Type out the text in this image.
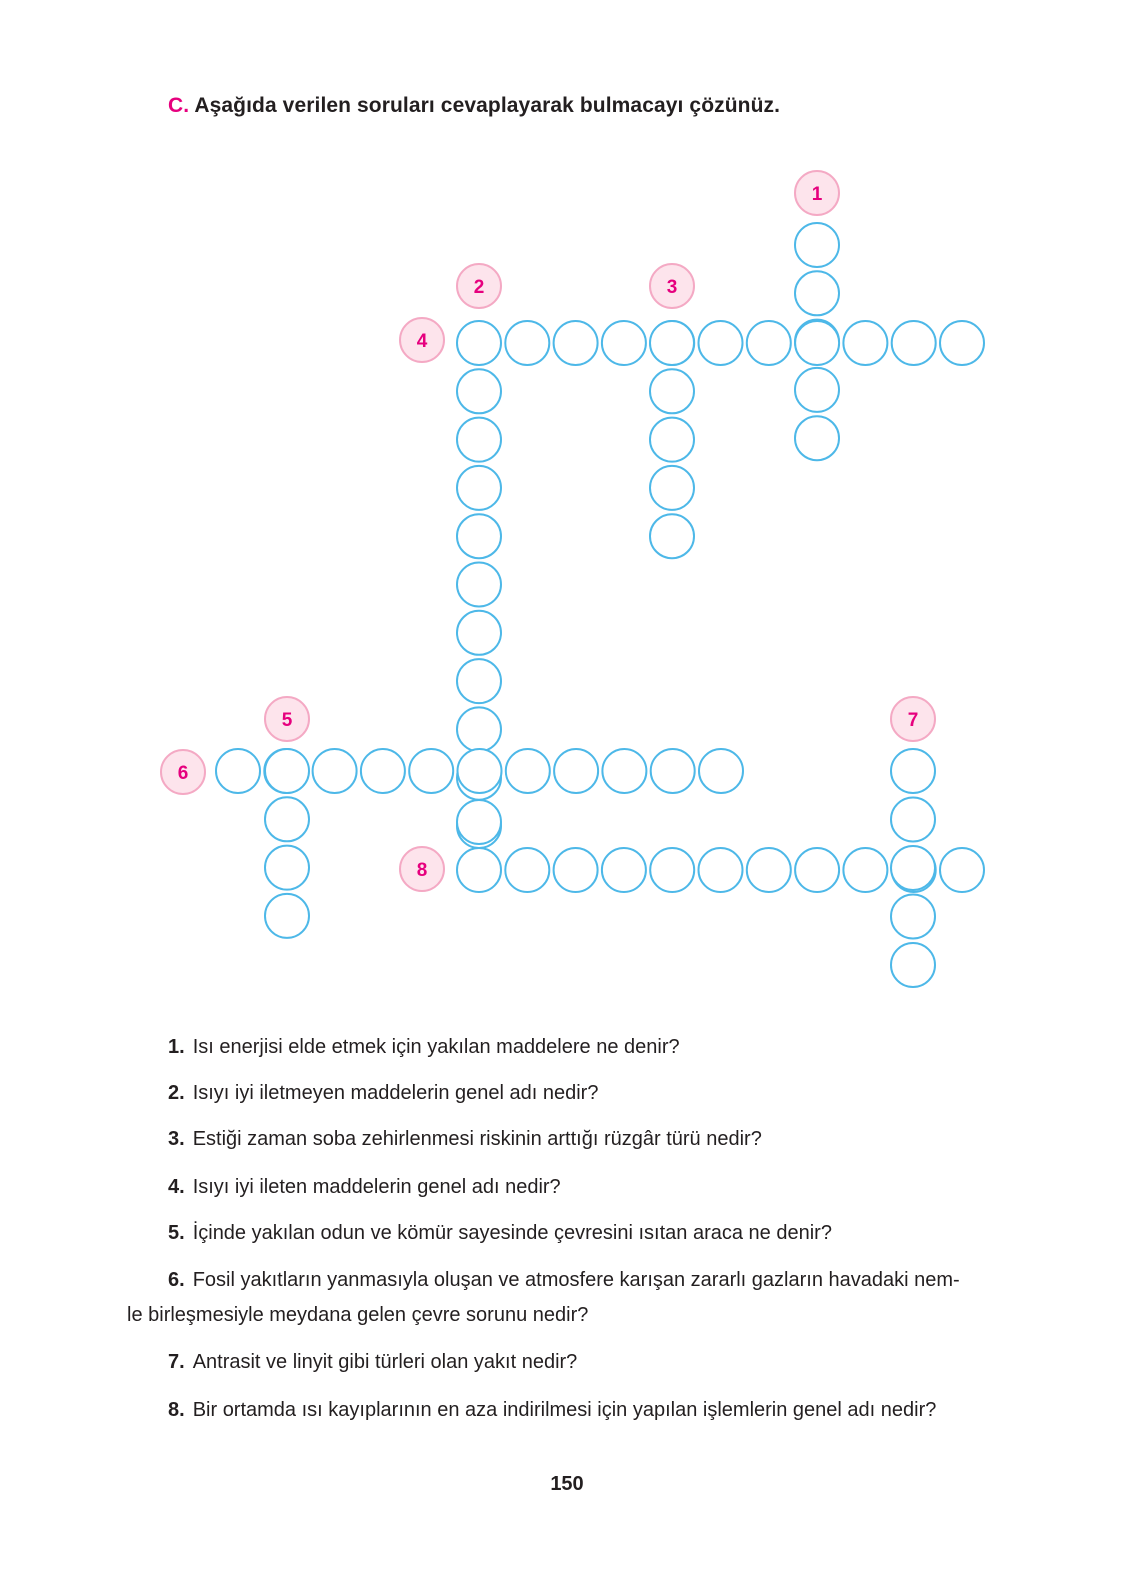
C. Aşağıda verilen soruları cevaplayarak bulmacayı çözünüz.
1
2	3
4
5
6
7
8
1. Isı enerjisi elde etmek için yakılan maddelere ne denir?
2. Isıyı iyi iletmeyen maddelerin genel adı nedir?
3. Estiği zaman soba zehirlenmesi riskinin arttığı rüzgâr türü nedir?
4. Isıyı iyi ileten maddelerin genel adı nedir?
5. İçinde yakılan odun ve kömür sayesinde çevresini ısıtan araca ne denir?
6. Fosil yakıtların yanmasıyla oluşan ve atmosfere karışan zararlı gazların havadaki nem-
le birleşmesiyle meydana gelen çevre sorunu nedir?
7. Antrasit ve linyit gibi türleri olan yakıt nedir?
8. Bir ortamda ısı kayıplarının en aza indirilmesi için yapılan işlemlerin genel adı nedir?
150
